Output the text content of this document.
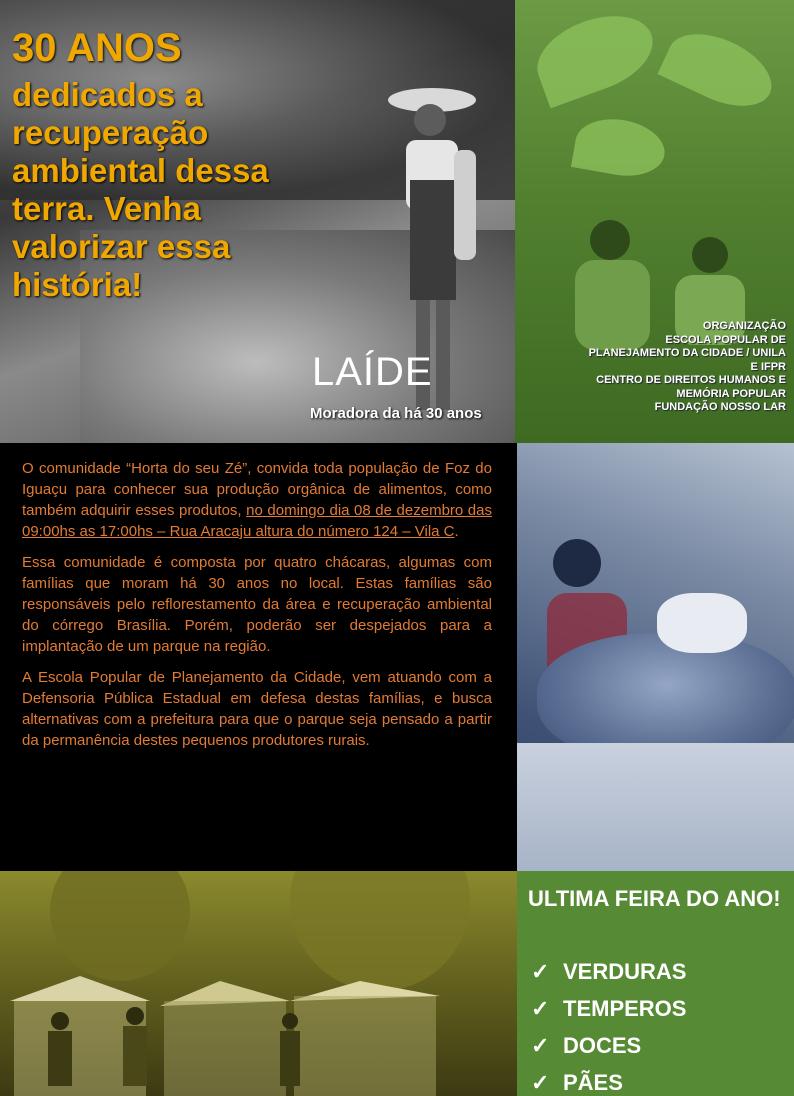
30 ANOS
dedicados a recuperação ambiental dessa terra. Venha valorizar essa história!
LAÍDE
Moradora da há 30 anos
ORGANIZAÇÃO
ESCOLA POPULAR DE
PLANEJAMENTO DA CIDADE / UNILA
E IFPR
CENTRO DE DIREITOS HUMANOS E
MEMÓRIA POPULAR
FUNDAÇÃO NOSSO LAR

O comunidade “Horta do seu Zé”, convida toda população de Foz do Iguaçu para conhecer sua produção orgânica de alimentos, como também adquirir esses produtos, no domingo dia 08 de dezembro das 09:00hs as 17:00hs – Rua Aracaju altura do número 124 – Vila C.

Essa comunidade é composta por quatro chácaras, algumas com famílias que moram há 30 anos no local. Estas famílias são responsáveis pelo reflorestamento da área e recuperação ambiental do córrego Brasília. Porém, poderão ser despejados para a implantação de um parque na região.

A Escola Popular de Planejamento da Cidade, vem atuando com a Defensoria Pública Estadual em defesa destas famílias, e busca alternativas com a prefeitura para que o parque seja pensado a partir da permanência destes pequenos produtores rurais.

ULTIMA FEIRA DO ANO!
✓ VERDURAS
✓ TEMPEROS
✓ DOCES
✓ PÃES
